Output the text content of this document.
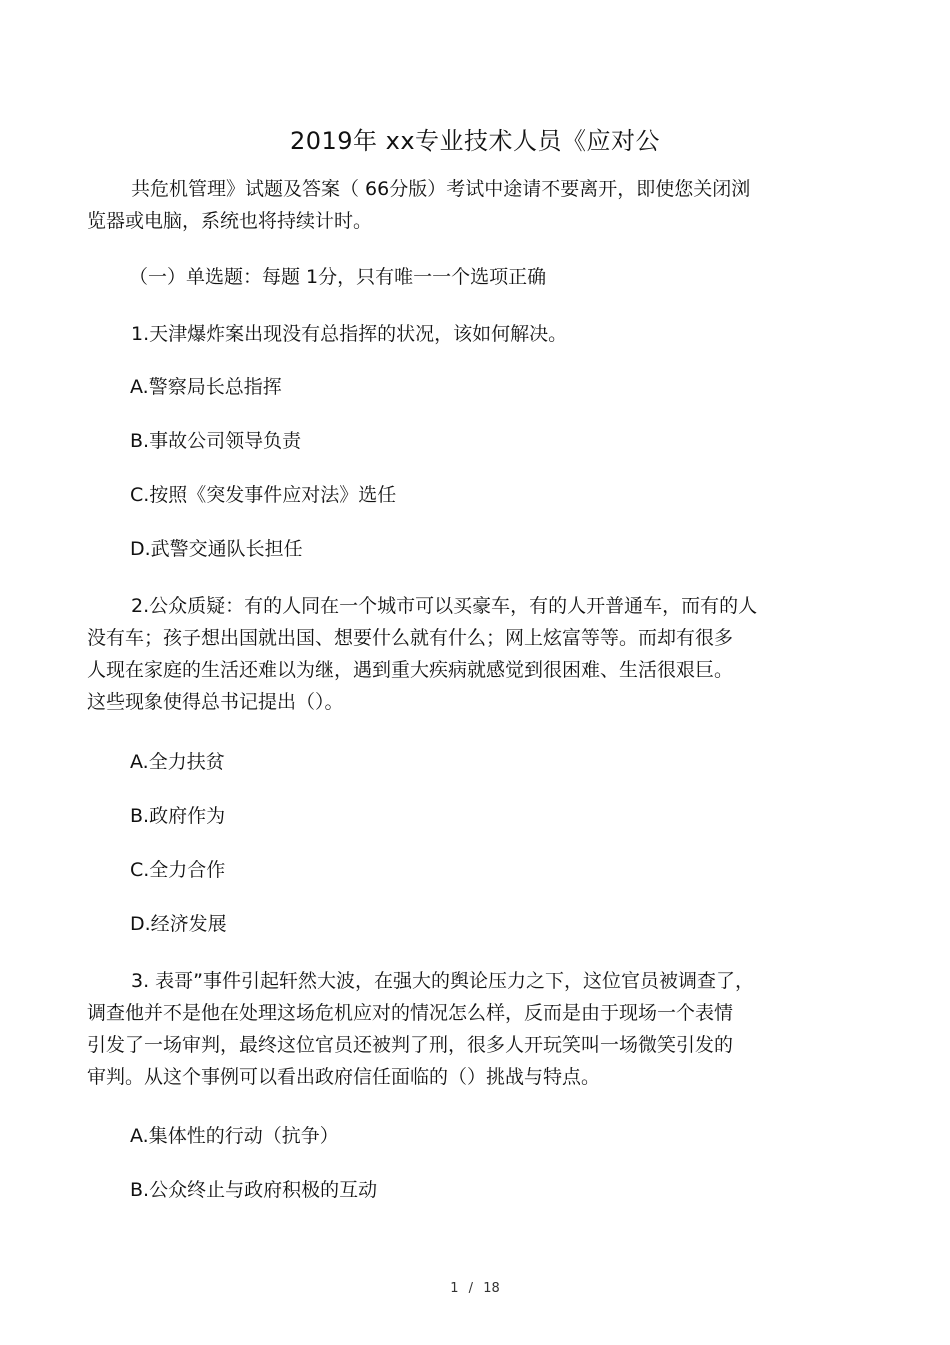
2019年 xx专业技术人员《应对公
共危机管理》试题及答案（ 66分版）考试中途请不要离开，即使您关闭浏
览器或电脑，系统也将持续计时。
（一）单选题：每题 1分，只有唯一一个选项正确
1.天津爆炸案出现没有总指挥的状况，该如何解决。

A.警察局长总指挥

B.事故公司领导负责

C.按照《突发事件应对法》选任

D.武警交通队长担任

2.公众质疑：有的人同在一个城市可以买豪车，有的人开普通车，而有的人
没有车；孩子想出国就出国、想要什么就有什么；网上炫富等等。而却有很多
人现在家庭的生活还难以为继，遇到重大疾病就感觉到很困难、生活很艰巨。
这些现象使得总书记提出（）。

A.全力扶贫

B.政府作为

C.全力合作

D.经济发展

3. 表哥”事件引起轩然大波，在强大的舆论压力之下，这位官员被调查了，
调查他并不是他在处理这场危机应对的情况怎么样，反而是由于现场一个表情
引发了一场审判，最终这位官员还被判了刑，很多人开玩笑叫一场微笑引发的
审判。从这个事例可以看出政府信任面临的（）挑战与特点。

A.集体性的行动（抗争）

B.公众终止与政府积极的互动

1 / 18
